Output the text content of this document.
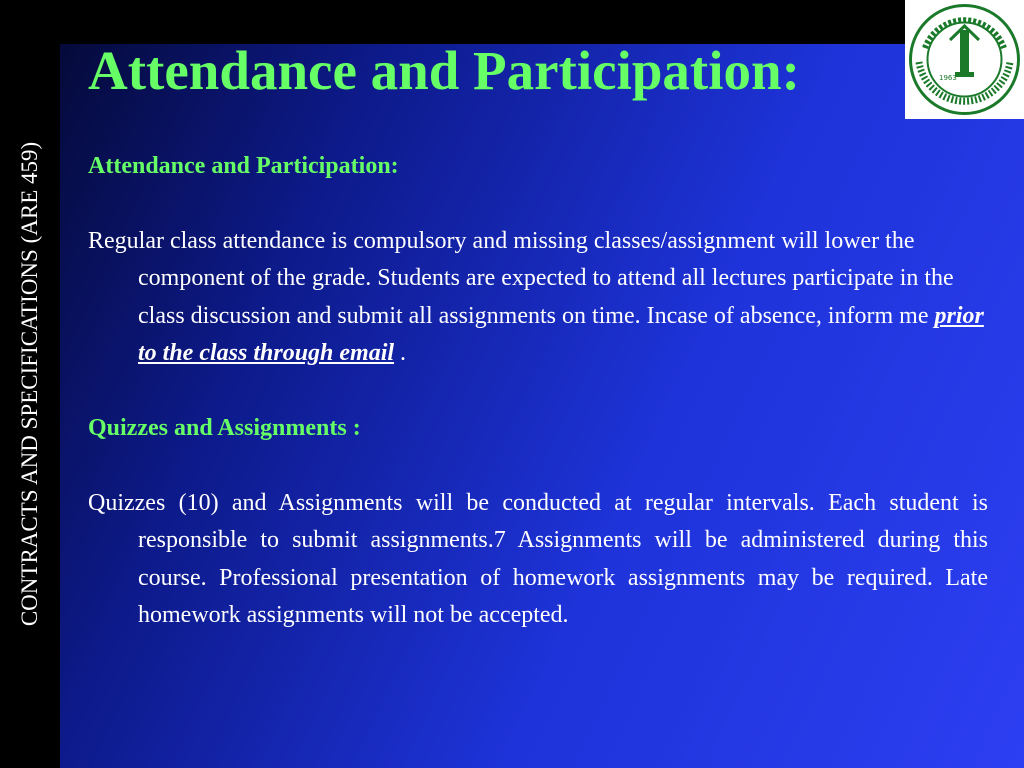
CONTRACTS AND SPECIFICATIONS (ARE 459)
Attendance and Participation:	1963

Attendance and Participation:

Regular class attendance is compulsory and missing classes/assignment will lower the component of the grade. Students are expected to attend all lectures participate in the class discussion and submit all assignments on time. Incase of absence, inform me prior to the class through email .

Quizzes and Assignments :

Quizzes (10) and Assignments will be conducted at regular intervals. Each student is responsible to submit assignments.7 Assignments will be administered during this course. Professional presentation of homework assignments may be required. Late homework assignments will not be accepted.
